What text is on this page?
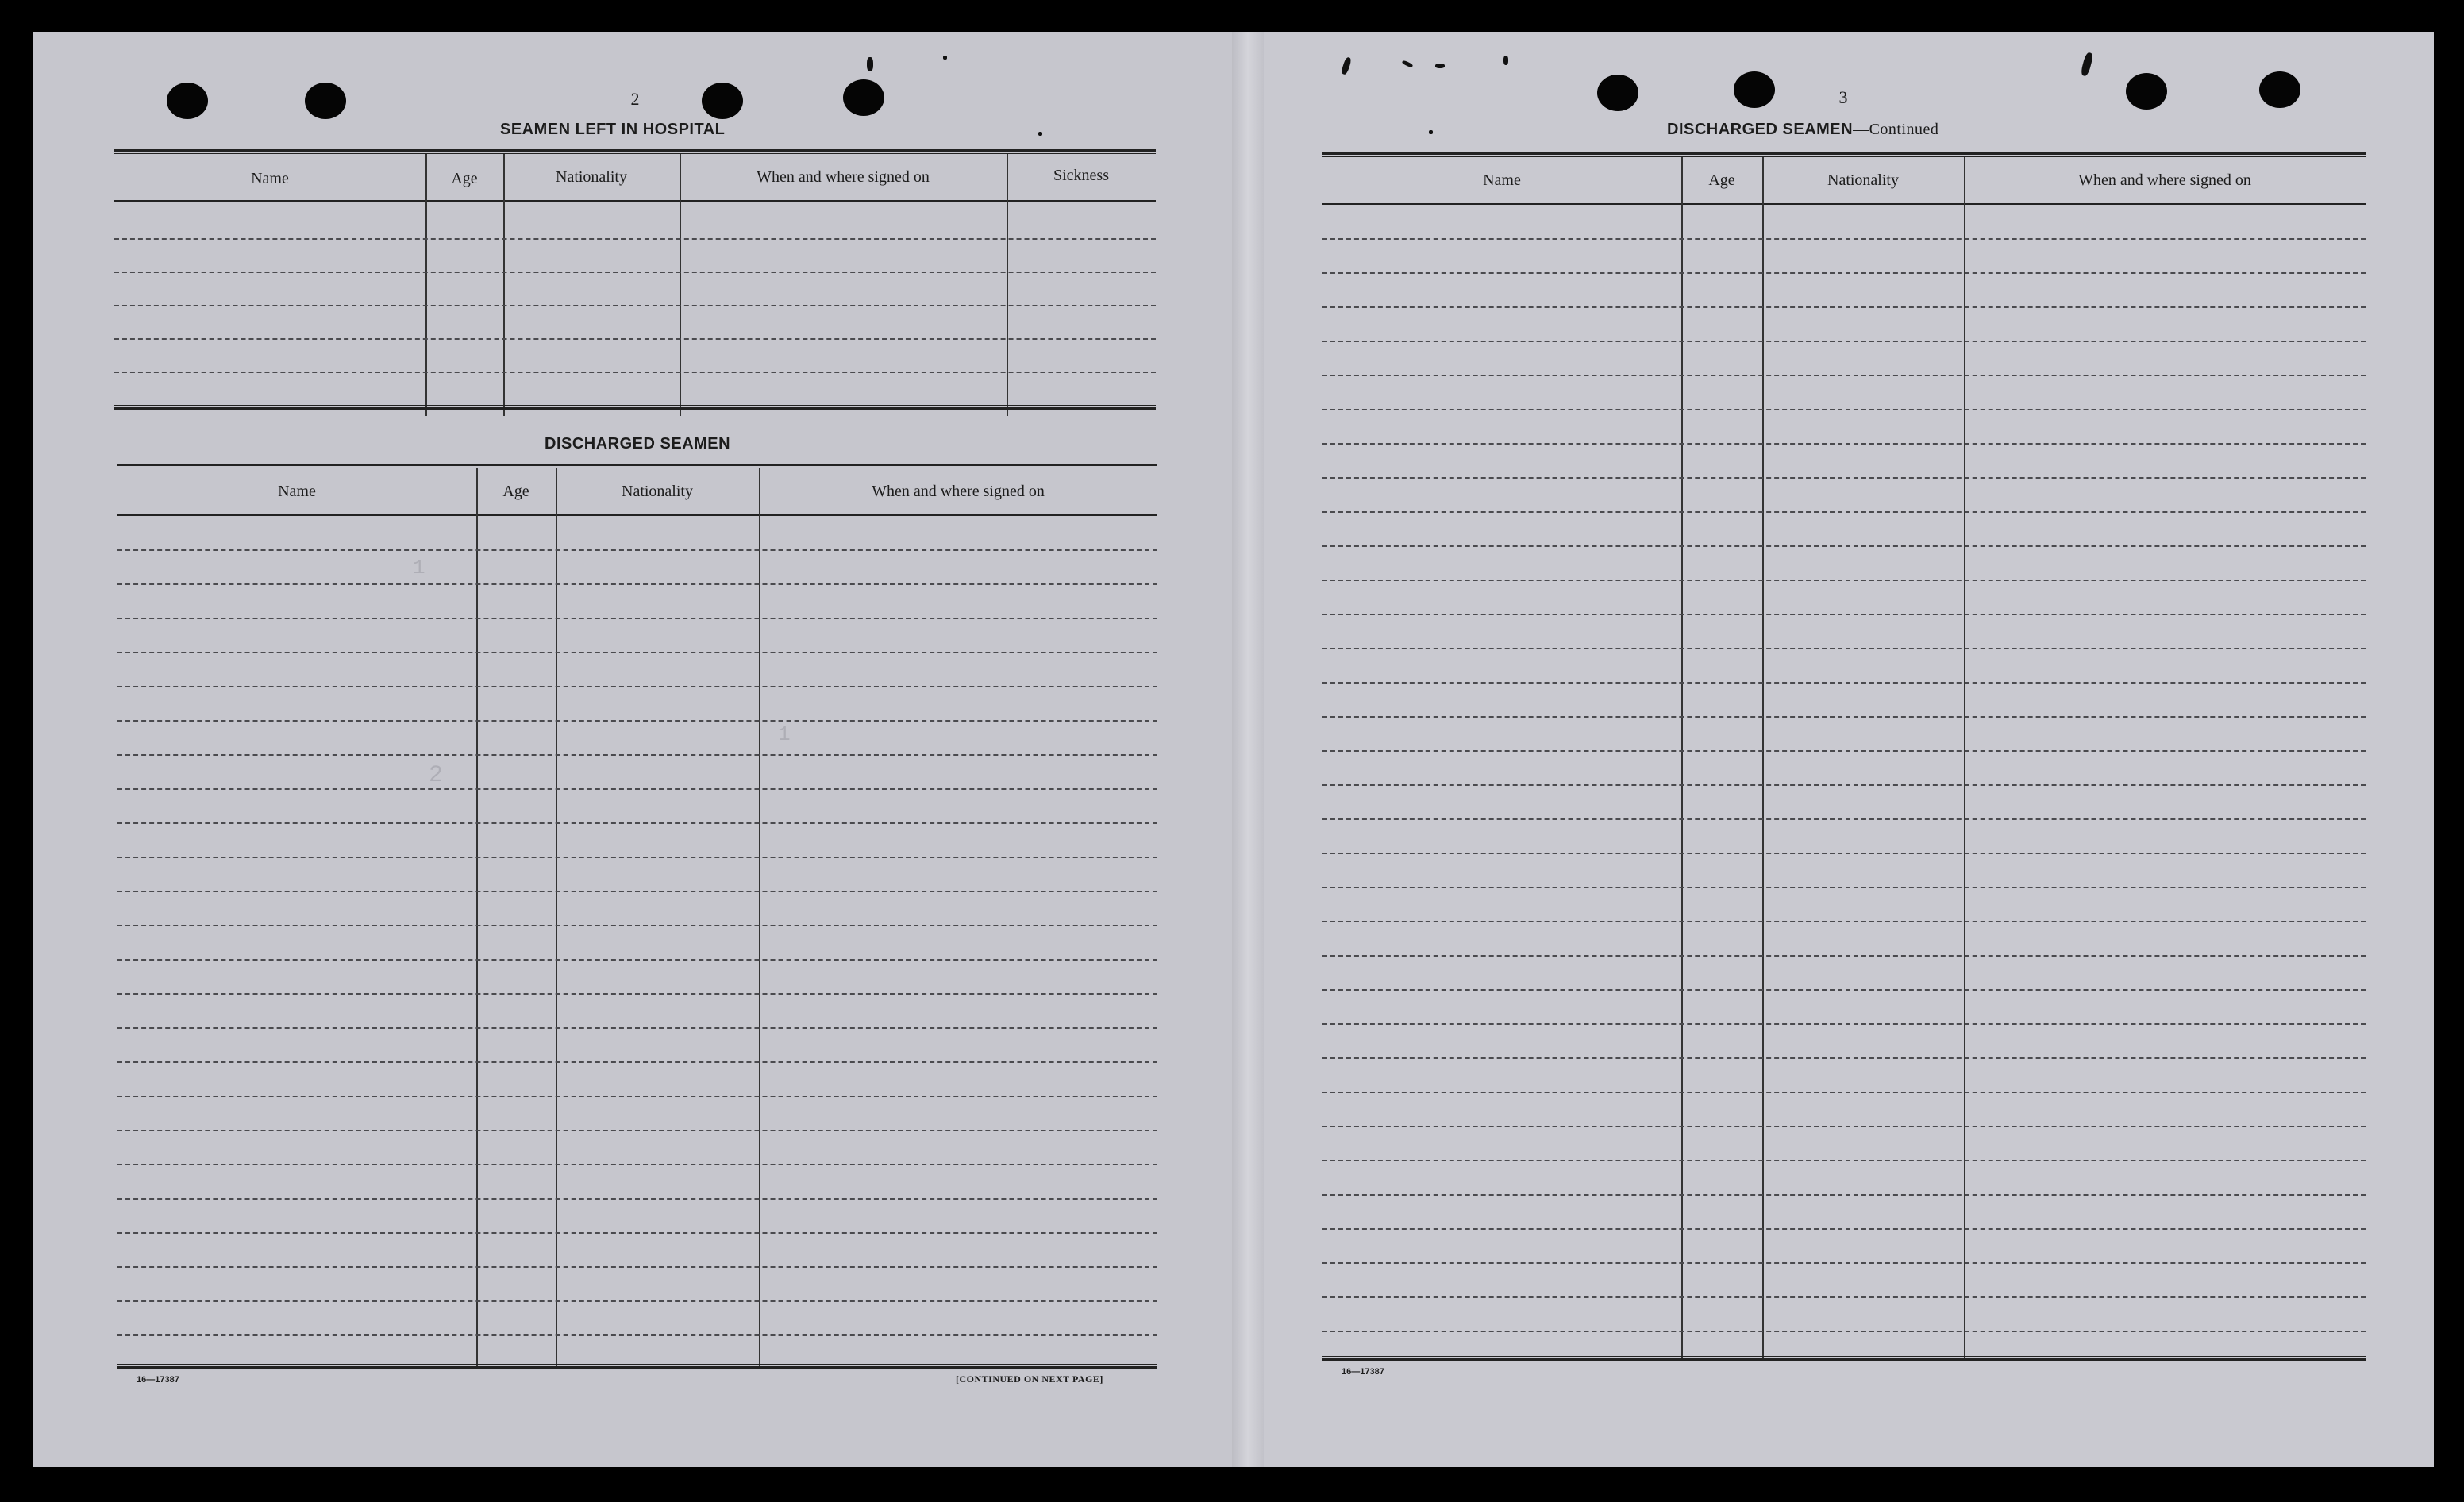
1
1
2
2
SEAMEN LEFT IN HOSPITAL
Name	Age	Nationality	When and where signed on	Sickness
DISCHARGED SEAMEN
Name	Age	Nationality	When and where signed on
16—17387	[CONTINUED ON NEXT PAGE]
3
DISCHARGED SEAMEN—Continued
Name	Age	Nationality	When and where signed on
16—17387
